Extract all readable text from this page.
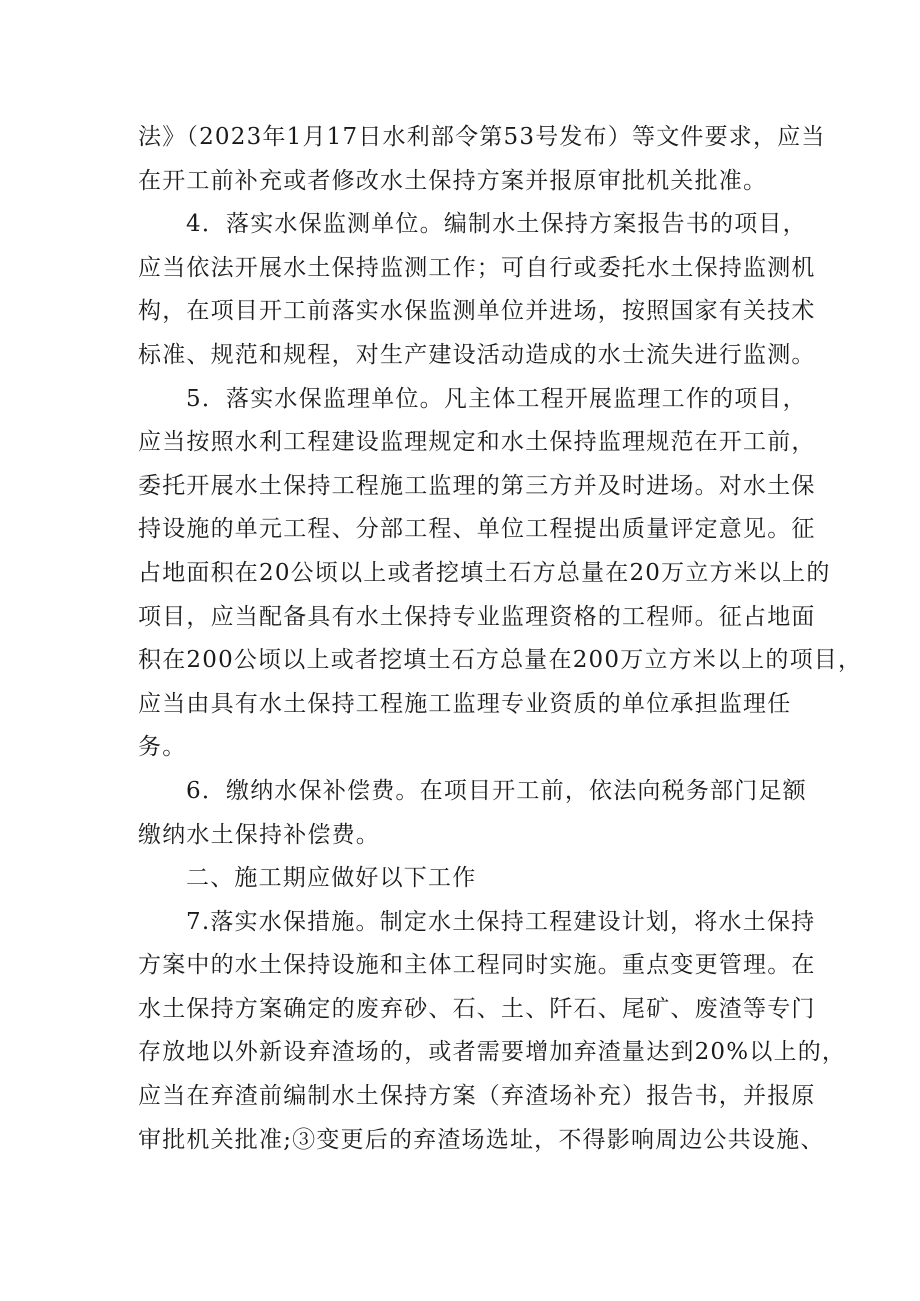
法》（2023年1月17日水利部令第53号发布）等文件要求，应当
在开工前补充或者修改水土保持方案并报原审批机关批准。

4．落实水保监测单位。编制水土保持方案报告书的项目，
应当依法开展水土保持监测工作；可自行或委托水土保持监测机
构，在项目开工前落实水保监测单位并进场，按照国家有关技术
标准、规范和规程，对生产建设活动造成的水士流失进行监测。

5．落实水保监理单位。凡主体工程开展监理工作的项目，
应当按照水利工程建设监理规定和水土保持监理规范在开工前，
委托开展水土保持工程施工监理的第三方并及时进场。对水土保
持设施的单元工程、分部工程、单位工程提出质量评定意见。征
占地面积在20公顷以上或者挖填土石方总量在20万立方米以上的
项目，应当配备具有水土保持专业监理资格的工程师。征占地面
积在200公顷以上或者挖填土石方总量在200万立方米以上的项目，
应当由具有水土保持工程施工监理专业资质的单位承担监理任
务。

6．缴纳水保补偿费。在项目开工前，依法向税务部门足额
缴纳水土保持补偿费。

二、施工期应做好以下工作

7.落实水保措施。制定水土保持工程建设计划，将水土保持
方案中的水土保持设施和主体工程同时实施。重点变更管理。在
水土保持方案确定的废弃砂、石、土、阡石、尾矿、废渣等专门
存放地以外新设弃渣场的，或者需要增加弃渣量达到20%以上的，
应当在弃渣前编制水土保持方案（弃渣场补充）报告书，并报原
审批机关批准;③变更后的弃渣场选址，不得影响周边公共设施、
